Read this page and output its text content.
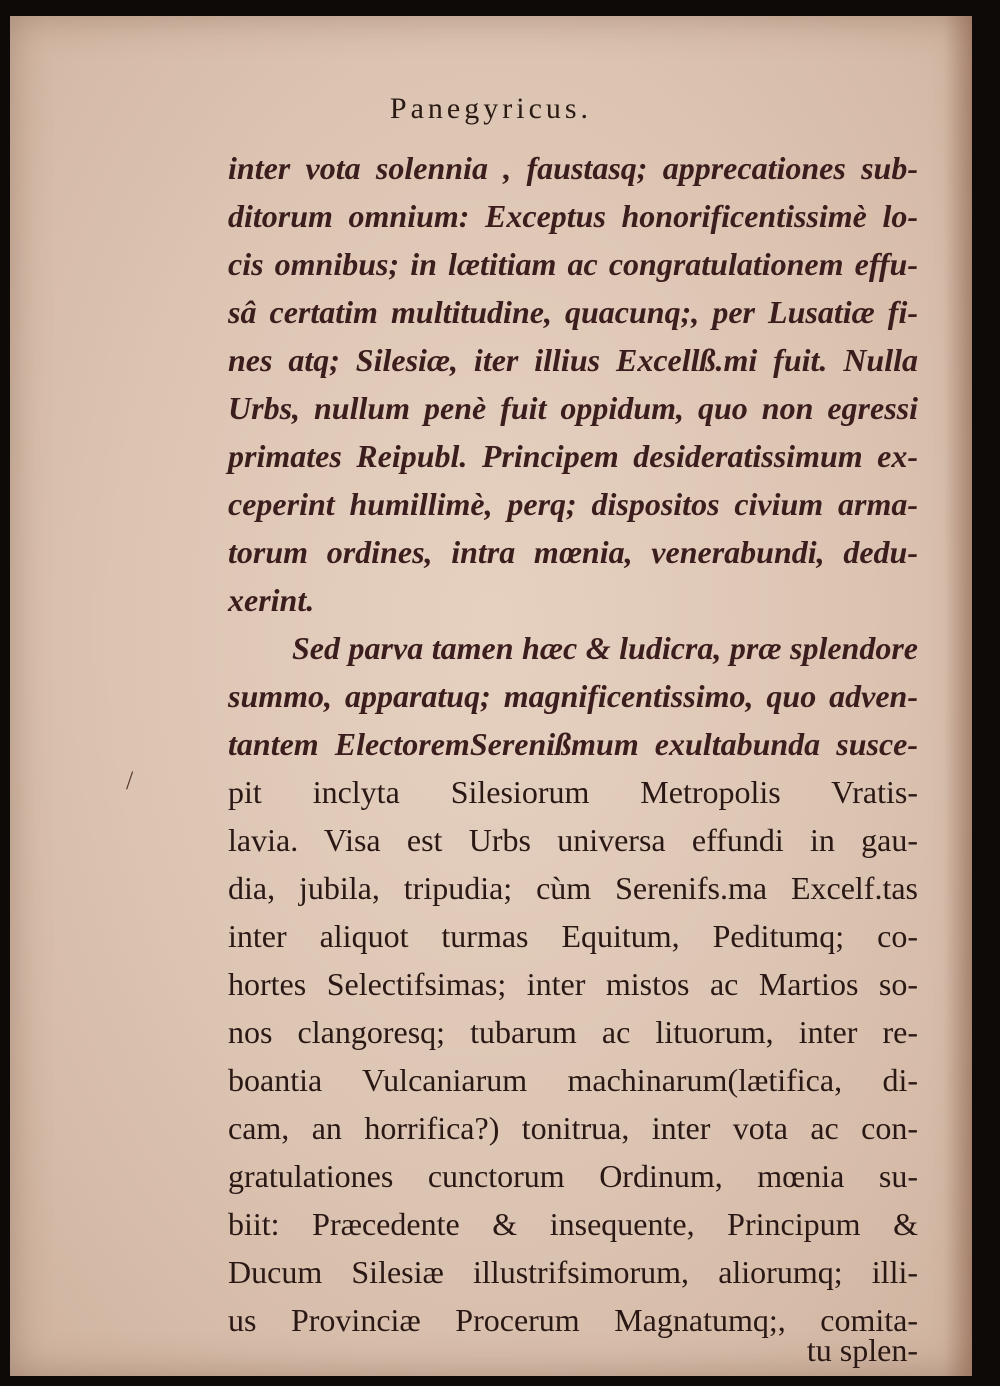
Panegyricus.
inter vota solennia , faustasq; apprecationes sub-
ditorum omnium: Exceptus honorificentissimè lo-
cis omnibus; in lætitiam ac congratulationem effu-
sâ certatim multitudine, quacunq;, per Lusatiæ fi-
nes atq; Silesiæ, iter illius Excellß.mi fuit. Nulla
Urbs, nullum penè fuit oppidum, quo non egressi
primates Reipubl. Principem desideratissimum ex-
ceperint humillimè, perq; dispositos civium arma-
torum ordines, intra mœnia, venerabundi, dedu-
xerint.
Sed parva tamen hæc & ludicra, præ splendore
summo, apparatuq; magnificentissimo, quo adven-
tantem ElectoremSerenißmum exultabunda susce-
pit inclyta Silesiorum Metropolis Vratis-
lavia. Visa est Urbs universa effundi in gau-
dia, jubila, tripudia; cùm Serenifs.ma Excelf.tas
inter aliquot turmas Equitum, Peditumq; co-
hortes Selectifsimas; inter mistos ac Martios so-
nos clangoresq; tubarum ac lituorum, inter re-
boantia Vulcaniarum machinarum(lætifica, di-
cam, an horrifica?) tonitrua, inter vota ac con-
gratulationes cunctorum Ordinum, mœnia su-
biit: Præcedente & insequente, Principum &
Ducum Silesiæ illustrifsimorum, aliorumq; illi-
us Provinciæ Procerum Magnatumq;, comita-
tu splen-
/
